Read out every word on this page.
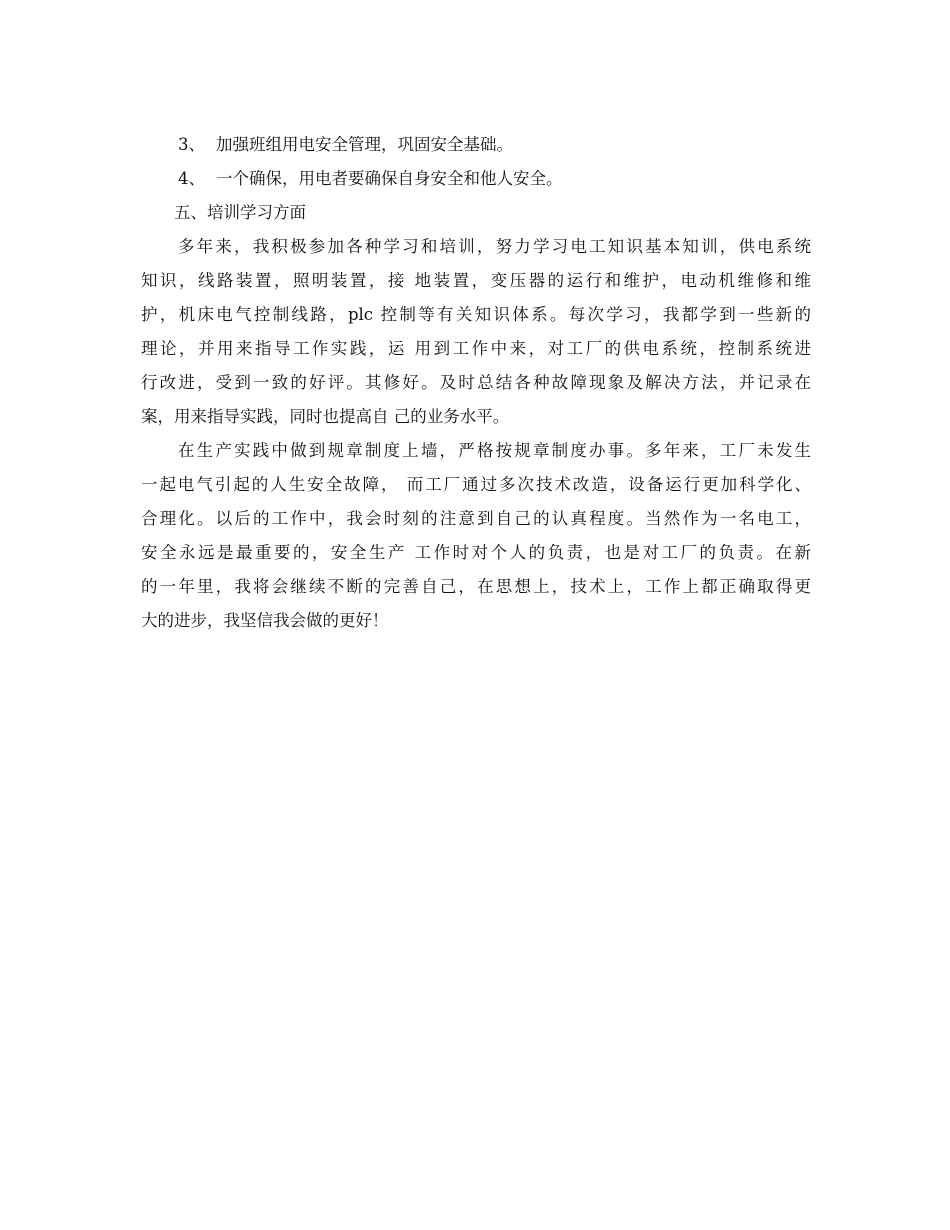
3、 加强班组用电安全管理，巩固安全基础。
4、 一个确保，用电者要确保自身安全和他人安全。
五、培训学习方面
多年来，我积极参加各种学习和培训，努力学习电工知识基本知训，供电系统
知识，线路装置，照明装置，接 地装置，变压器的运行和维护，电动机维修和维
护，机床电气控制线路，plc 控制等有关知识体系。每次学习，我都学到一些新的
理论，并用来指导工作实践，运 用到工作中来，对工厂的供电系统，控制系统进
行改进，受到一致的好评。其修好。及时总结各种故障现象及解决方法，并记录在
案，用来指导实践，同时也提高自 己的业务水平。
在生产实践中做到规章制度上墙，严格按规章制度办事。多年来，工厂未发生
一起电气引起的人生安全故障， 而工厂通过多次技术改造，设备运行更加科学化、
合理化。以后的工作中，我会时刻的注意到自己的认真程度。当然作为一名电工，
安全永远是最重要的，安全生产 工作时对个人的负责，也是对工厂的负责。在新
的一年里，我将会继续不断的完善自己，在思想上，技术上，工作上都正确取得更
大的进步，我坚信我会做的更好！
